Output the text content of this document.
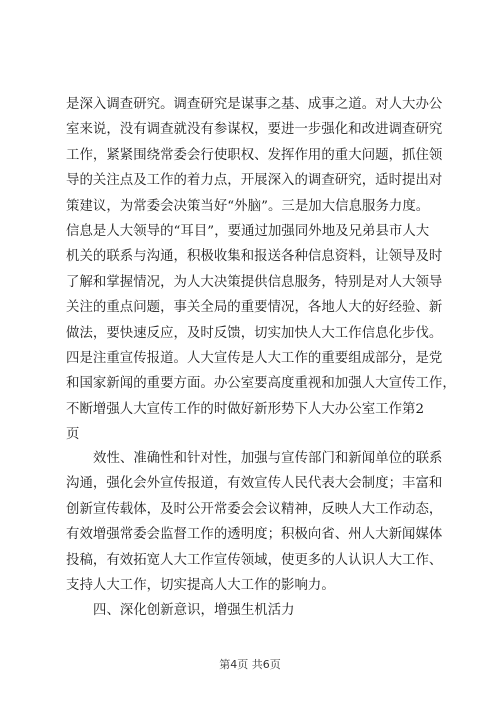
是深入调查研究。调查研究是谋事之基、成事之道。对人大办公
室来说，没有调查就没有参谋权，要进一步强化和改进调查研究
工作，紧紧围绕常委会行使职权、发挥作用的重大问题，抓住领
导的关注点及工作的着力点，开展深入的调查研究，适时提出对
策建议，为常委会决策当好“外脑”。三是加大信息服务力度。
信息是人大领导的“耳目”，要通过加强同外地及兄弟县市人大
机关的联系与沟通，积极收集和报送各种信息资料，让领导及时
了解和掌握情况，为人大决策提供信息服务，特别是对人大领导
关注的重点问题，事关全局的重要情况，各地人大的好经验、新
做法，要快速反应，及时反馈，切实加快人大工作信息化步伐。
四是注重宣传报道。人大宣传是人大工作的重要组成部分，是党
和国家新闻的重要方面。办公室要高度重视和加强人大宣传工作，
不断增强人大宣传工作的时做好新形势下人大办公室工作第2
页
效性、准确性和针对性，加强与宣传部门和新闻单位的联系
沟通，强化会外宣传报道，有效宣传人民代表大会制度；丰富和
创新宣传载体，及时公开常委会会议精神，反映人大工作动态，
有效增强常委会监督工作的透明度；积极向省、州人大新闻媒体
投稿，有效拓宽人大工作宣传领域，使更多的人认识人大工作、
支持人大工作，切实提高人大工作的影响力。
四、深化创新意识，增强生机活力
第4页 共6页
